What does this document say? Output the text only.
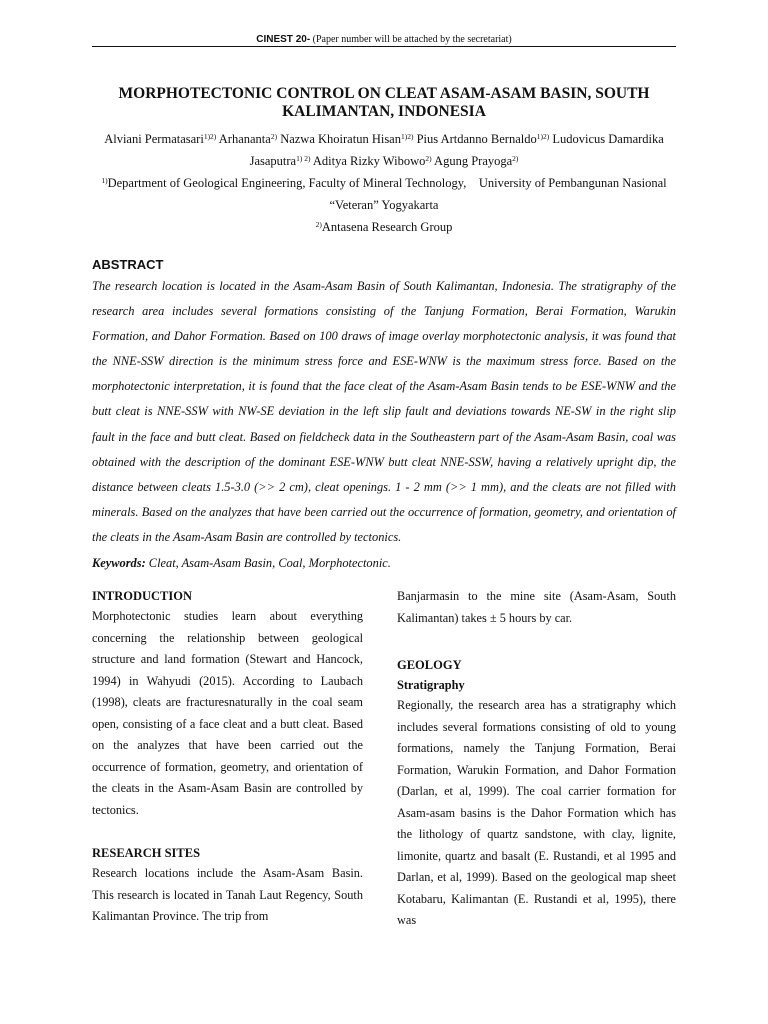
CINEST 20- (Paper number will be attached by the secretariat)
MORPHOTECTONIC CONTROL ON CLEAT ASAM-ASAM BASIN, SOUTH KALIMANTAN, INDONESIA
Alviani Permatasari$^{1)2)}$ Arhananta$^{2)}$ Nazwa Khoiratun Hisan$^{1)2)}$ Pius Artdanno Bernaldo$^{1)2)}$ Ludovicus Damardika Jasaputra$^{1) 2)}$ Aditya Rizky Wibowo$^{2)}$ Agung Prayoga$^{2)}$
$^{1)}$Department of Geological Engineering, Faculty of Mineral Technology,    University of Pembangunan Nasional “Veteran” Yogyakarta
$^{2)}$Antasena Research Group
ABSTRACT
The research location is located in the Asam-Asam Basin of South Kalimantan, Indonesia. The stratigraphy of the research area includes several formations consisting of the Tanjung Formation, Berai Formation, Warukin Formation, and Dahor Formation. Based on 100 draws of image overlay morphotectonic analysis, it was found that the NNE-SSW direction is the minimum stress force and ESE-WNW is the maximum stress force. Based on the morphotectonic interpretation, it is found that the face cleat of the Asam-Asam Basin tends to be ESE-WNW and the butt cleat is NNE-SSW with NW-SE deviation in the left slip fault and deviations towards NE-SW in the right slip fault in the face and butt cleat. Based on fieldcheck data in the Southeastern part of the Asam-Asam Basin, coal was obtained with the description of the dominant ESE-WNW butt cleat NNE-SSW, having a relatively upright dip, the distance between cleats 1.5-3.0 (>> 2 cm), cleat openings. 1 - 2 mm (>> 1 mm), and the cleats are not filled with minerals. Based on the analyzes that have been carried out the occurrence of formation, geometry, and orientation of the cleats in the Asam-Asam Basin are controlled by tectonics.
Keywords: Cleat, Asam-Asam Basin, Coal, Morphotectonic.

INTRODUCTION

Morphotectonic studies learn about everything concerning the relationship between geological structure and land formation (Stewart and Hancock, 1994) in Wahyudi (2015). According to Laubach (1998), cleats are fracturesnaturally in the coal seam open, consisting of a face cleat and a butt cleat. Based on the analyzes that have been carried out the occurrence of formation, geometry, and orientation of the cleats in the Asam-Asam Basin are controlled by tectonics.

RESEARCH SITES

Research locations include the Asam-Asam Basin. This research is located in Tanah Laut Regency, South Kalimantan Province. The trip from

Banjarmasin to the mine site (Asam-Asam, South Kalimantan) takes ± 5 hours by car.

GEOLOGY

Stratigraphy

Regionally, the research area has a stratigraphy which includes several formations consisting of old to young formations, namely the Tanjung Formation, Berai Formation, Warukin Formation, and Dahor Formation (Darlan, et al, 1999). The coal carrier formation for Asam-asam basins is the Dahor Formation which has the lithology of quartz sandstone, with clay, lignite, limonite, quartz and basalt (E. Rustandi, et al 1995 and Darlan, et al, 1999). Based on the geological map sheet Kotabaru, Kalimantan (E. Rustandi et al, 1995), there was
